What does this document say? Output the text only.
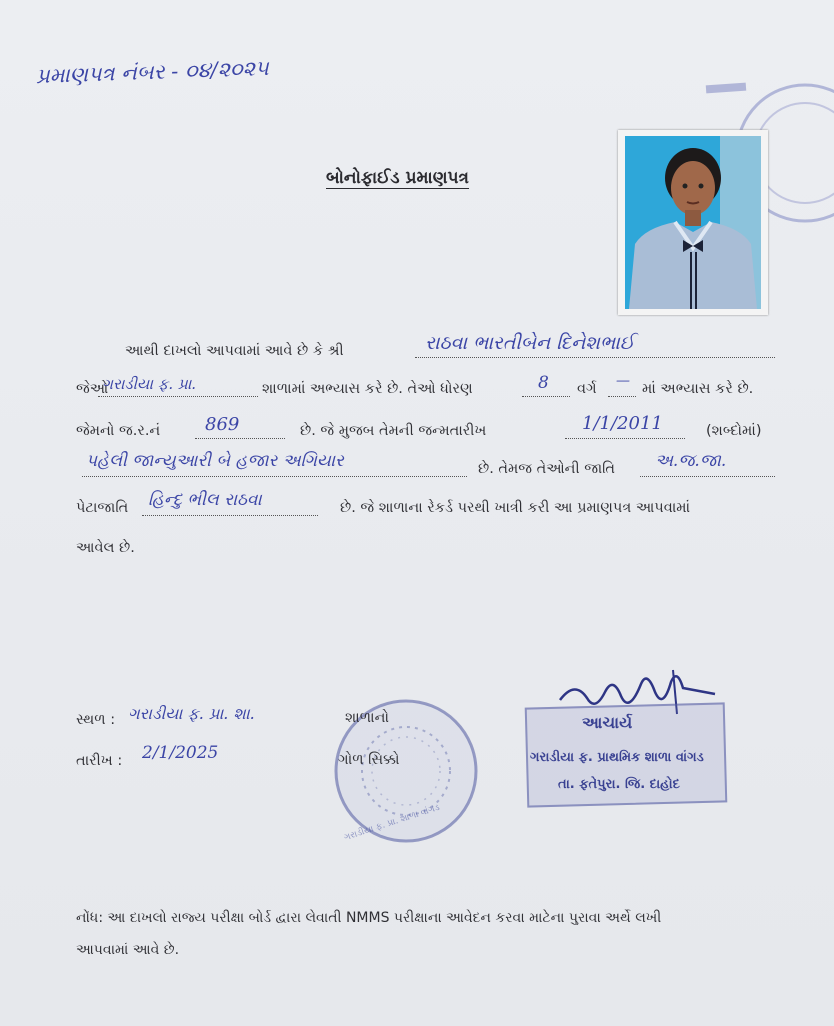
પ્રમાણપત્ર નંબર - ૦૪/૨૦૨૫
બોનોફાઈડ પ્રમાણપત્ર
આથી દાખલો આપવામાં આવે છે કે શ્રી	રાઠવા ભારતીબેન દિનેશભાઈ
જેઓ
ગરાડીયા ફ. પ્રા.	શાળામાં અભ્યાસ કરે છે. તેઓ ધોરણ	8 વર્ગ — માં અભ્યાસ કરે છે.
જેમનો જ.ર.નં 869	છે. જે મુજબ તેમની જન્મતારીખ	1/1/2011	(શબ્દોમાં)
પહેલી જાન્યુઆરી બે હજાર અગિયાર	છે. તેમજ તેઓની જાતિ અ.જ.જા.
પેટાજાતિ હિન્દુ ભીલ રાઠવા	છે. જે શાળાના રેકર્ડ પરથી ખાત્રી કરી આ પ્રમાણપત્ર આપવામાં
આવેલ છે.
સ્થળ : ગરાડીયા ફ. પ્રા. શા.
તારીખ : 2/1/2025
શાળાનો
ગોળ સિક્કો
ગરાડીયા ફ. પ્રા. શાળા વાંગડ
આચાર્ય
ગરાડીયા ફ. પ્રાથમિક શાળા વાંગડ
તા. ફતેપુરા. જિ. દાહોદ
નોંધ: આ દાખલો રાજ્ય પરીક્ષા બોર્ડ દ્વારા લેવાતી NMMS પરીક્ષાના આવેદન કરવા માટેના પુરાવા અર્થે લખી
આપવામાં આવે છે.
